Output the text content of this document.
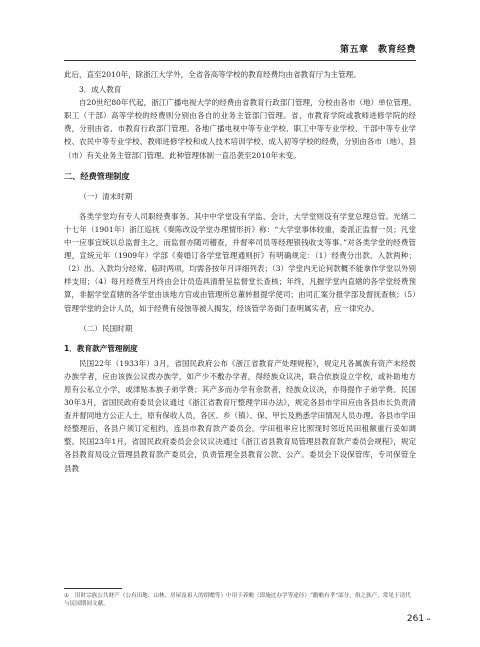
第五章　教育经费

此后，直至2010年，除浙江大学外，全省各高等学校的教育经费均由省教育厅为主管理。

3．成人教育

自20世纪80年代起，浙江广播电视大学的经费由省教育行政部门管理，分校由各市（地）单位管理。职工（干部）高等学校的经费则分别由各自的业务主管部门管理。省、市教育学院或教师进修学院的经费，分别由省、市教育行政部门管理。各地广播电视中等专业学校、职工中等专业学校、干部中等专业学校、农民中等专业学校、教师进修学校和成人技术培训学校、成人初等学校的经费，分别由各市（地）、县（市）有关业务主管部门管理。此种管理体制一直沿袭至2010年未变。

二、经费管理制度
（一）清末时期

各类学堂均有专人司职经费事务。其中中学堂设有学监、会计，大学堂则设有学堂总理总管。光绪二十七年（1901年）浙江巡抚《奏陈改设学堂办理情形折》称：“大学堂事体较重，委派正监督一员；凡堂中一应事宜统以总监督主之，而监督亦随司稽查，并督率司员等经理银钱收支等事。”对各类学堂的经费管理，宣统元年（1909年）学部《奏婚订各学堂管理通则折》有明确规定：（1）经费分出款、入款两种；（2）出、入款均分经常、临时两项，均需各按年月详细列表；（3）学堂内无论何款概不能拿作学堂以外别样支用；（4）每月经费至月终由会计员造具清册呈监督堂长查核；年终，凡握学堂内直辖的各学堂经费预算，非据学堂直辖的各学堂由该地方官或由管理所总董转报提学使司；由司汇案分报学部及督抚查核；（5）管理学堂的会计人员，如于经费有侵蚀等被人揭发，经该管学务衙门查明属实者，应一律究办。

（二）民国时期
1．教育款产管理制度

民国22年（1933年）3月，省国民政府公布《浙江省教育产处理规程》，规定凡各属族有资产未经拨办族学者，应由该族公议拨办族学，如产少不敷办学者，得经族众议决，联合依族设立学校，或补助地方原有公私立小学，或津贴本族子弟学费；其产多而办学有余款者，经族众议决，亦得提作子弟学费。民国30年3月，省国民政府委员会议通过《浙江省教育厅整理学田办法》，规定各县市学田应由各县市长负责清查并督同地方公正人士，原有保收人员，各区、乡（镇）、保、甲长及熟悉学田情况人员办理。各县市学田经整理后，各县户须订定租约，连县市教育款产委员会。学田租率应比照现时邻近民田租额重行妥如调整。民国23年1月，省国民政府委员会会议议决通过《浙江省县教育局管理县教育款产委员会规程》，规定各县教育局设立管理县教育款产委员会，负责管理全县教育公款、公产。委员会下设保管库，专司保管全县教

① 旧时宗族公共财产（公有田地、山林、房屋及祖人的捐赠等）中用于养赡（即施过办学等途径）“瞻赡有孝”部分，俗之族产，常见于清代与民国期间文献。
261 ••
